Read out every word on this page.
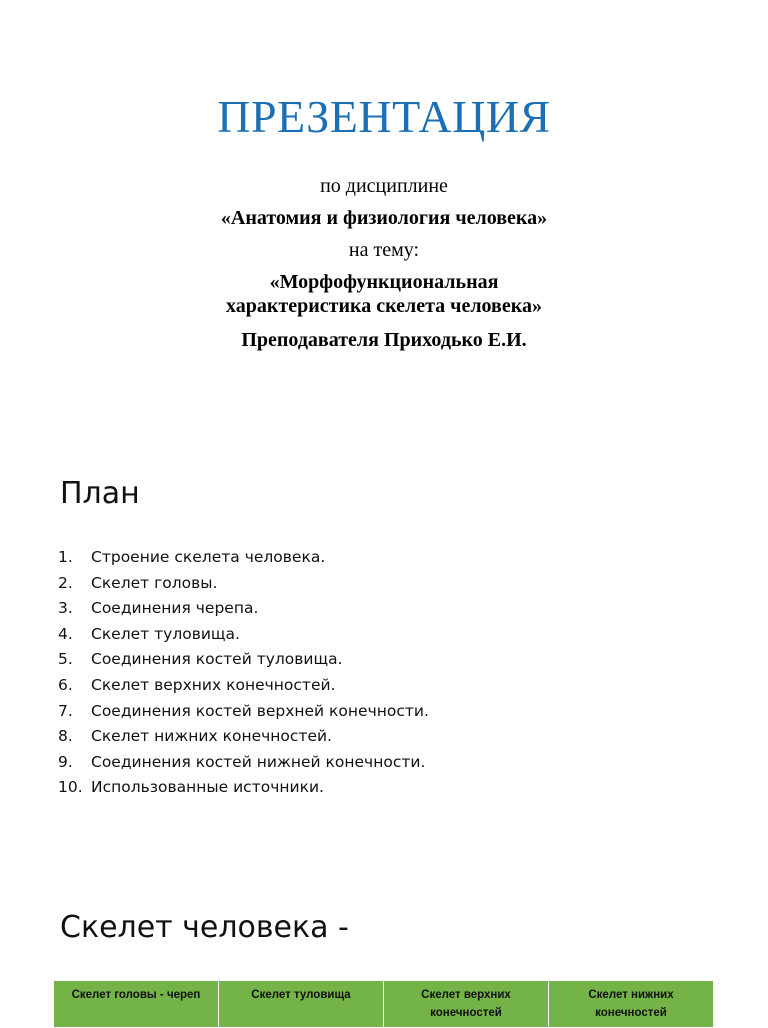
ПРЕЗЕНТАЦИЯ
по дисциплине
«Анатомия и физиология человека»
на тему:
«Морфофункциональная
характеристика скелета человека»
Преподавателя Приходько Е.И.
План
1. Строение скелета человека.
2. Скелет головы.
3. Соединения черепа.
4. Скелет туловища.
5. Соединения костей туловища.
6. Скелет верхних конечностей.
7. Соединения костей верхней конечности.
8. Скелет нижних конечностей.
9. Соединения костей нижней конечности.
10. Использованные источники.
Скелет человека -
Скелет головы - череп	Скелет туловища	Скелет верхних конечностей	Скелет нижних конечностей
